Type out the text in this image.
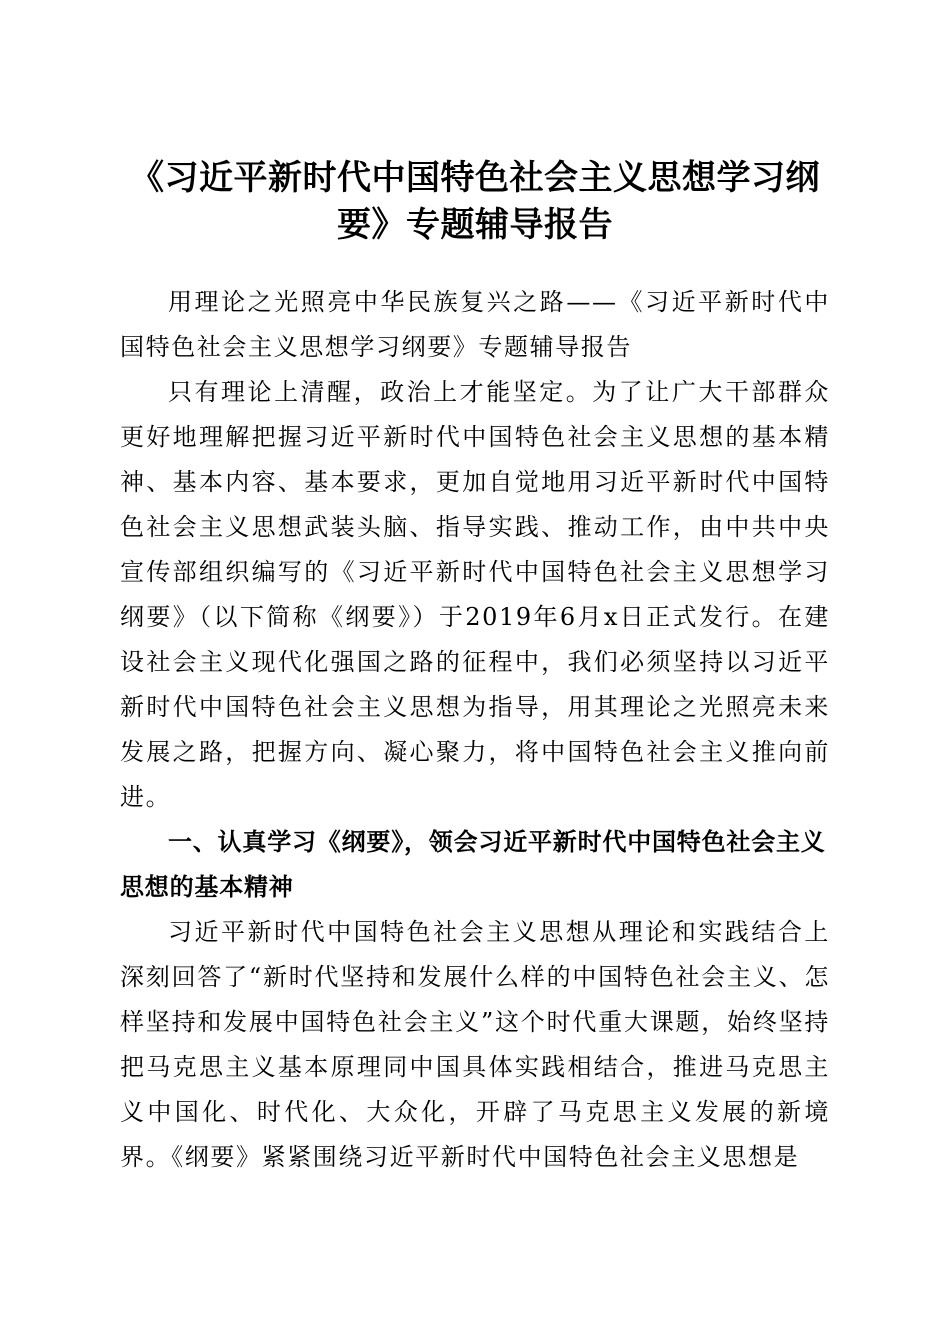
《习近平新时代中国特色社会主义思想学习纲
要》专题辅导报告

用理论之光照亮中华民族复兴之路——《习近平新时代中国特色社会主义思想学习纲要》专题辅导报告

只有理论上清醒，政治上才能坚定。为了让广大干部群众更好地理解把握习近平新时代中国特色社会主义思想的基本精神、基本内容、基本要求，更加自觉地用习近平新时代中国特色社会主义思想武装头脑、指导实践、推动工作，由中共中央宣传部组织编写的《习近平新时代中国特色社会主义思想学习纲要》（以下简称《纲要》）于2019年6月x日正式发行。在建设社会主义现代化强国之路的征程中，我们必须坚持以习近平新时代中国特色社会主义思想为指导，用其理论之光照亮未来发展之路，把握方向、凝心聚力，将中国特色社会主义推向前进。

一、认真学习《纲要》，领会习近平新时代中国特色社会主义思想的基本精神

习近平新时代中国特色社会主义思想从理论和实践结合上深刻回答了“新时代坚持和发展什么样的中国特色社会主义、怎样坚持和发展中国特色社会主义”这个时代重大课题，始终坚持把马克思主义基本原理同中国具体实践相结合，推进马克思主义中国化、时代化、大众化，开辟了马克思主义发展的新境界。《纲要》紧紧围绕习近平新时代中国特色社会主义思想是
